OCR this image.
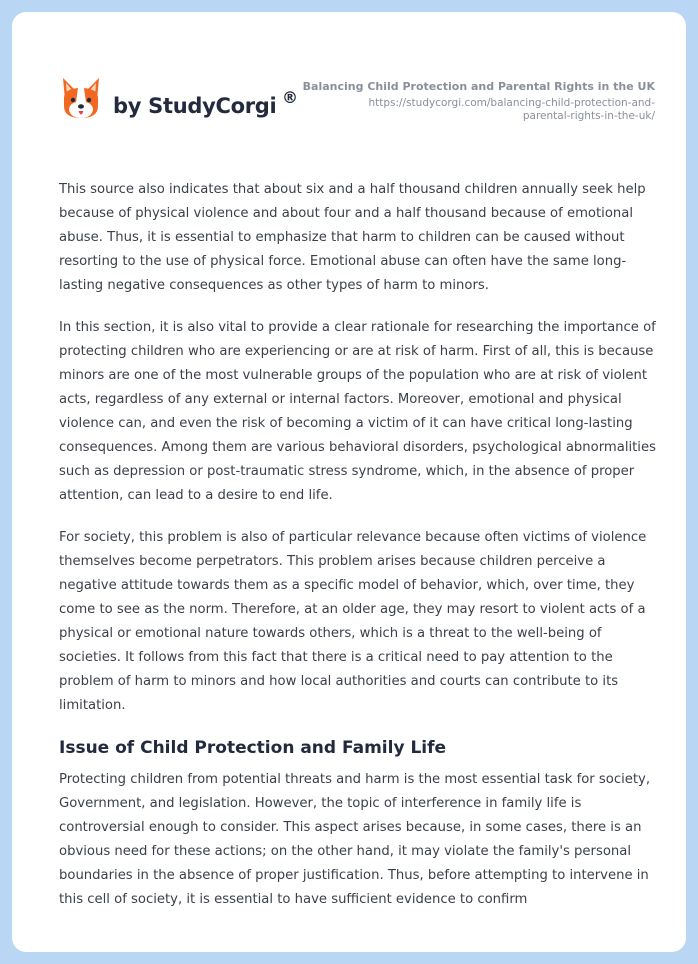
by StudyCorgi ®
Balancing Child Protection and Parental Rights in the UK
https://studycorgi.com/balancing-child-protection-and-
parental-rights-in-the-uk/

This source also indicates that about six and a half thousand children annually seek help because of physical violence and about four and a half thousand because of emotional abuse. Thus, it is essential to emphasize that harm to children can be caused without resorting to the use of physical force. Emotional abuse can often have the same long-lasting negative consequences as other types of harm to minors.

In this section, it is also vital to provide a clear rationale for researching the importance of protecting children who are experiencing or are at risk of harm. First of all, this is because minors are one of the most vulnerable groups of the population who are at risk of violent acts, regardless of any external or internal factors. Moreover, emotional and physical violence can, and even the risk of becoming a victim of it can have critical long-lasting consequences. Among them are various behavioral disorders, psychological abnormalities such as depression or post-traumatic stress syndrome, which, in the absence of proper attention, can lead to a desire to end life.

For society, this problem is also of particular relevance because often victims of violence themselves become perpetrators. This problem arises because children perceive a negative attitude towards them as a specific model of behavior, which, over time, they come to see as the norm. Therefore, at an older age, they may resort to violent acts of a physical or emotional nature towards others, which is a threat to the well-being of societies. It follows from this fact that there is a critical need to pay attention to the problem of harm to minors and how local authorities and courts can contribute to its limitation.

Issue of Child Protection and Family Life

Protecting children from potential threats and harm is the most essential task for society, Government, and legislation. However, the topic of interference in family life is controversial enough to consider. This aspect arises because, in some cases, there is an obvious need for these actions; on the other hand, it may violate the family's personal boundaries in the absence of proper justification. Thus, before attempting to intervene in this cell of society, it is essential to have sufficient evidence to confirm
